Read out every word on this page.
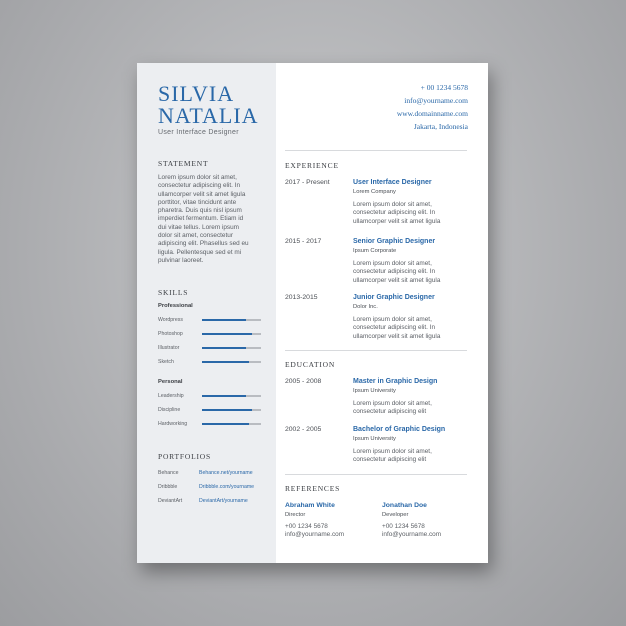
SILVIA
NATALIA
User Interface Designer
STATEMENT
Lorem ipsum dolor sit amet,
consectetur adipiscing elit. In
ullamcorper velit sit amet ligula
porttitor, vitae tincidunt ante
pharetra. Duis quis nisl ipsum
imperdiet fermentum. Etiam id
dui vitae tellus. Lorem ipsum
dolor sit amet, consectetur
adipiscing elit. Phasellus sed eu
ligula. Pellentesque sed et mi
pulvinar laoreet.
SKILLS
Professional
Wordpress
Photoshop
Illustrator
Sketch
Personal
Leadership
Discipline
Hardworking
PORTFOLIOS
Behance	Behance.net/yourname
Dribbble	Dribbble.com/yourname
DeviantArt	DeviantArt/yourname
+ 00 1234 5678
info@yourname.com
www.domainname.com
Jakarta, Indonesia
EXPERIENCE
2017 - Present	User Interface Designer
Lorem Company
Lorem ipsum dolor sit amet,
consectetur adipiscing elit. In
ullamcorper velit sit amet ligula
2015 - 2017	Senior Graphic Designer
Ipsum Corporate
Lorem ipsum dolor sit amet,
consectetur adipiscing elit. In
ullamcorper velit sit amet ligula
2013-2015	Junior Graphic Designer
Dolor Inc.
Lorem ipsum dolor sit amet,
consectetur adipiscing elit. In
ullamcorper velit sit amet ligula
EDUCATION
2005 - 2008	Master in Graphic Design
Ipsum University
Lorem ipsum dolor sit amet,
consectetur adipiscing elit
2002 - 2005	Bachelor of Graphic Design
Ipsum University
Lorem ipsum dolor sit amet,
consectetur adipiscing elit
REFERENCES
Abraham White
Director
+00 1234 5678
info@yourname.com
Jonathan Doe
Developer
+00 1234 5678
info@yourname.com
